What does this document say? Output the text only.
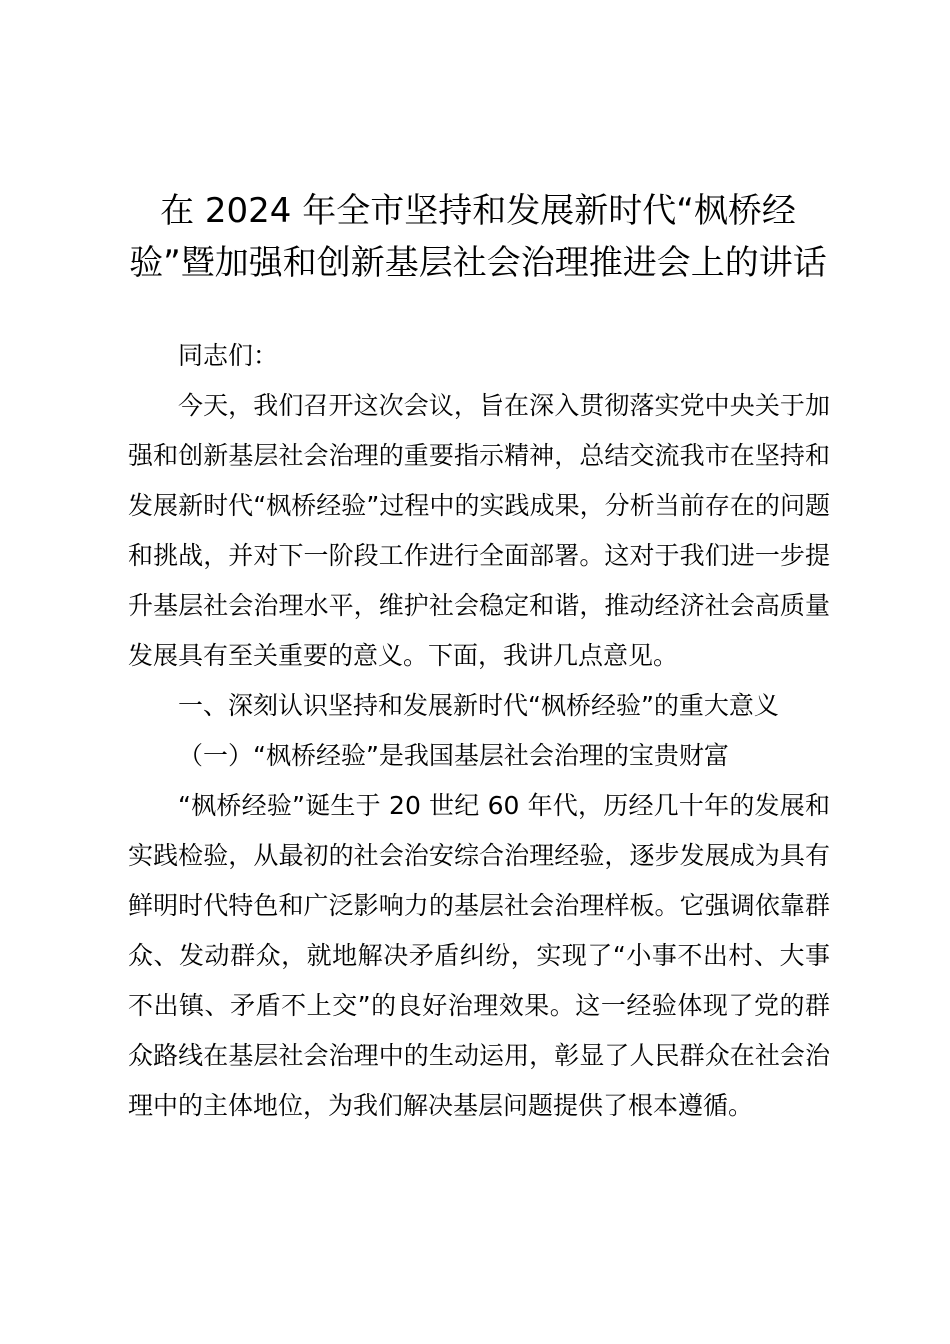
在 2024 年全市坚持和发展新时代“枫桥经验”暨加强和创新基层社会治理推进会上的讲话

同志们：

今天，我们召开这次会议，旨在深入贯彻落实党中央关于加强和创新基层社会治理的重要指示精神，总结交流我市在坚持和发展新时代“枫桥经验”过程中的实践成果，分析当前存在的问题和挑战，并对下一阶段工作进行全面部署。这对于我们进一步提升基层社会治理水平，维护社会稳定和谐，推动经济社会高质量发展具有至关重要的意义。下面，我讲几点意见。

一、深刻认识坚持和发展新时代“枫桥经验”的重大意义

（一）“枫桥经验”是我国基层社会治理的宝贵财富

“枫桥经验”诞生于 20 世纪 60 年代，历经几十年的发展和实践检验，从最初的社会治安综合治理经验，逐步发展成为具有鲜明时代特色和广泛影响力的基层社会治理样板。它强调依靠群众、发动群众，就地解决矛盾纠纷，实现了“小事不出村、大事不出镇、矛盾不上交”的良好治理效果。这一经验体现了党的群众路线在基层社会治理中的生动运用，彰显了人民群众在社会治理中的主体地位，为我们解决基层问题提供了根本遵循。
